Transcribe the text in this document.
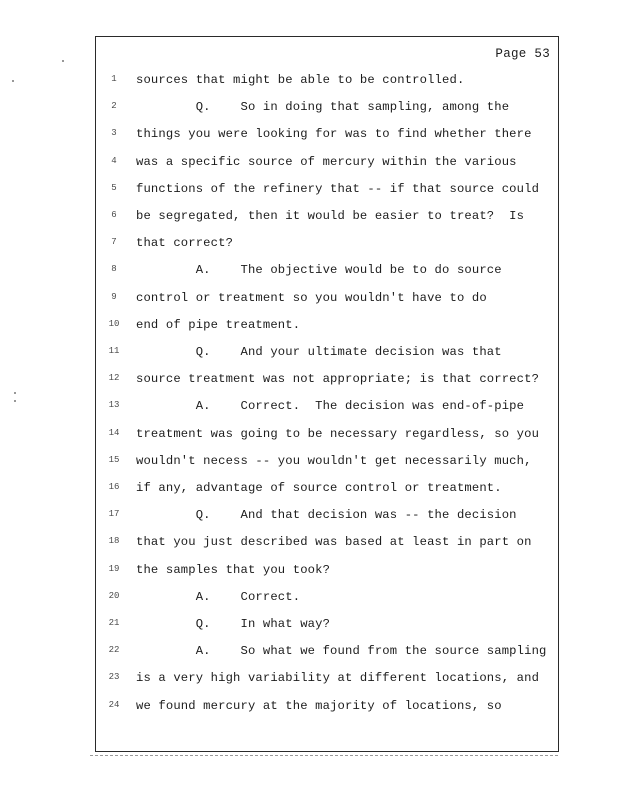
Page 53
1	sources that might be able to be controlled.
2	Q.    So in doing that sampling, among the
3	things you were looking for was to find whether there
4	was a specific source of mercury within the various
5	functions of the refinery that -- if that source could
6	be segregated, then it would be easier to treat?  Is
7	that correct?
8	A.    The objective would be to do source
9	control or treatment so you wouldn't have to do
10	end of pipe treatment.
11	Q.    And your ultimate decision was that
12	source treatment was not appropriate; is that correct?
13	A.    Correct.  The decision was end-of-pipe
14	treatment was going to be necessary regardless, so you
15	wouldn't necess -- you wouldn't get necessarily much,
16	if any, advantage of source control or treatment.
17	Q.    And that decision was -- the decision
18	that you just described was based at least in part on
19	the samples that you took?
20	A.    Correct.
21	Q.    In what way?
22	A.    So what we found from the source sampling
23	is a very high variability at different locations, and
24	we found mercury at the majority of locations, so
